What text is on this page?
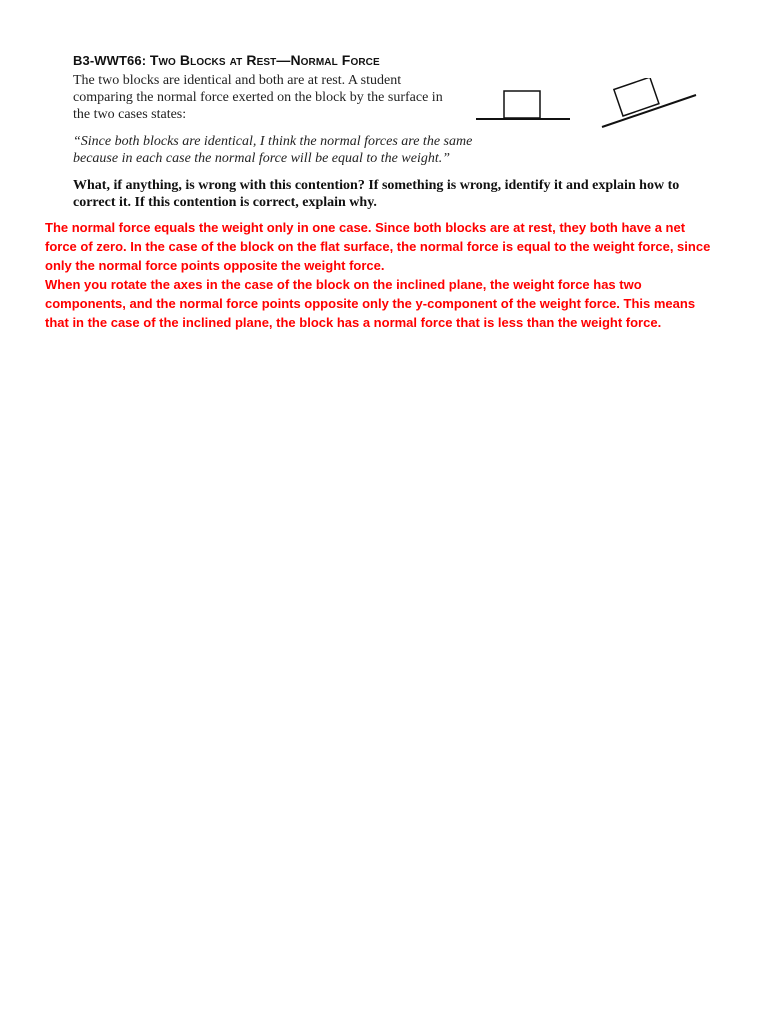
B3-WWT66: Two Blocks at Rest—Normal Force

The two blocks are identical and both are at rest. A student comparing the normal force exerted on the block by the surface in the two cases states:

“Since both blocks are identical, I think the normal forces are the same because in each case the normal force will be equal to the weight.”

What, if anything, is wrong with this contention? If something is wrong, identify it and explain how to correct it. If this contention is correct, explain why.

The normal force equals the weight only in one case. Since both blocks are at rest, they both have a net force of zero. In the case of the block on the flat surface, the normal force is equal to the weight force, since only the normal force points opposite the weight force.

When you rotate the axes in the case of the block on the inclined plane, the weight force has two components, and the normal force points opposite only the y-component of the weight force. This means that in the case of the inclined plane, the block has a normal force that is less than the weight force.
